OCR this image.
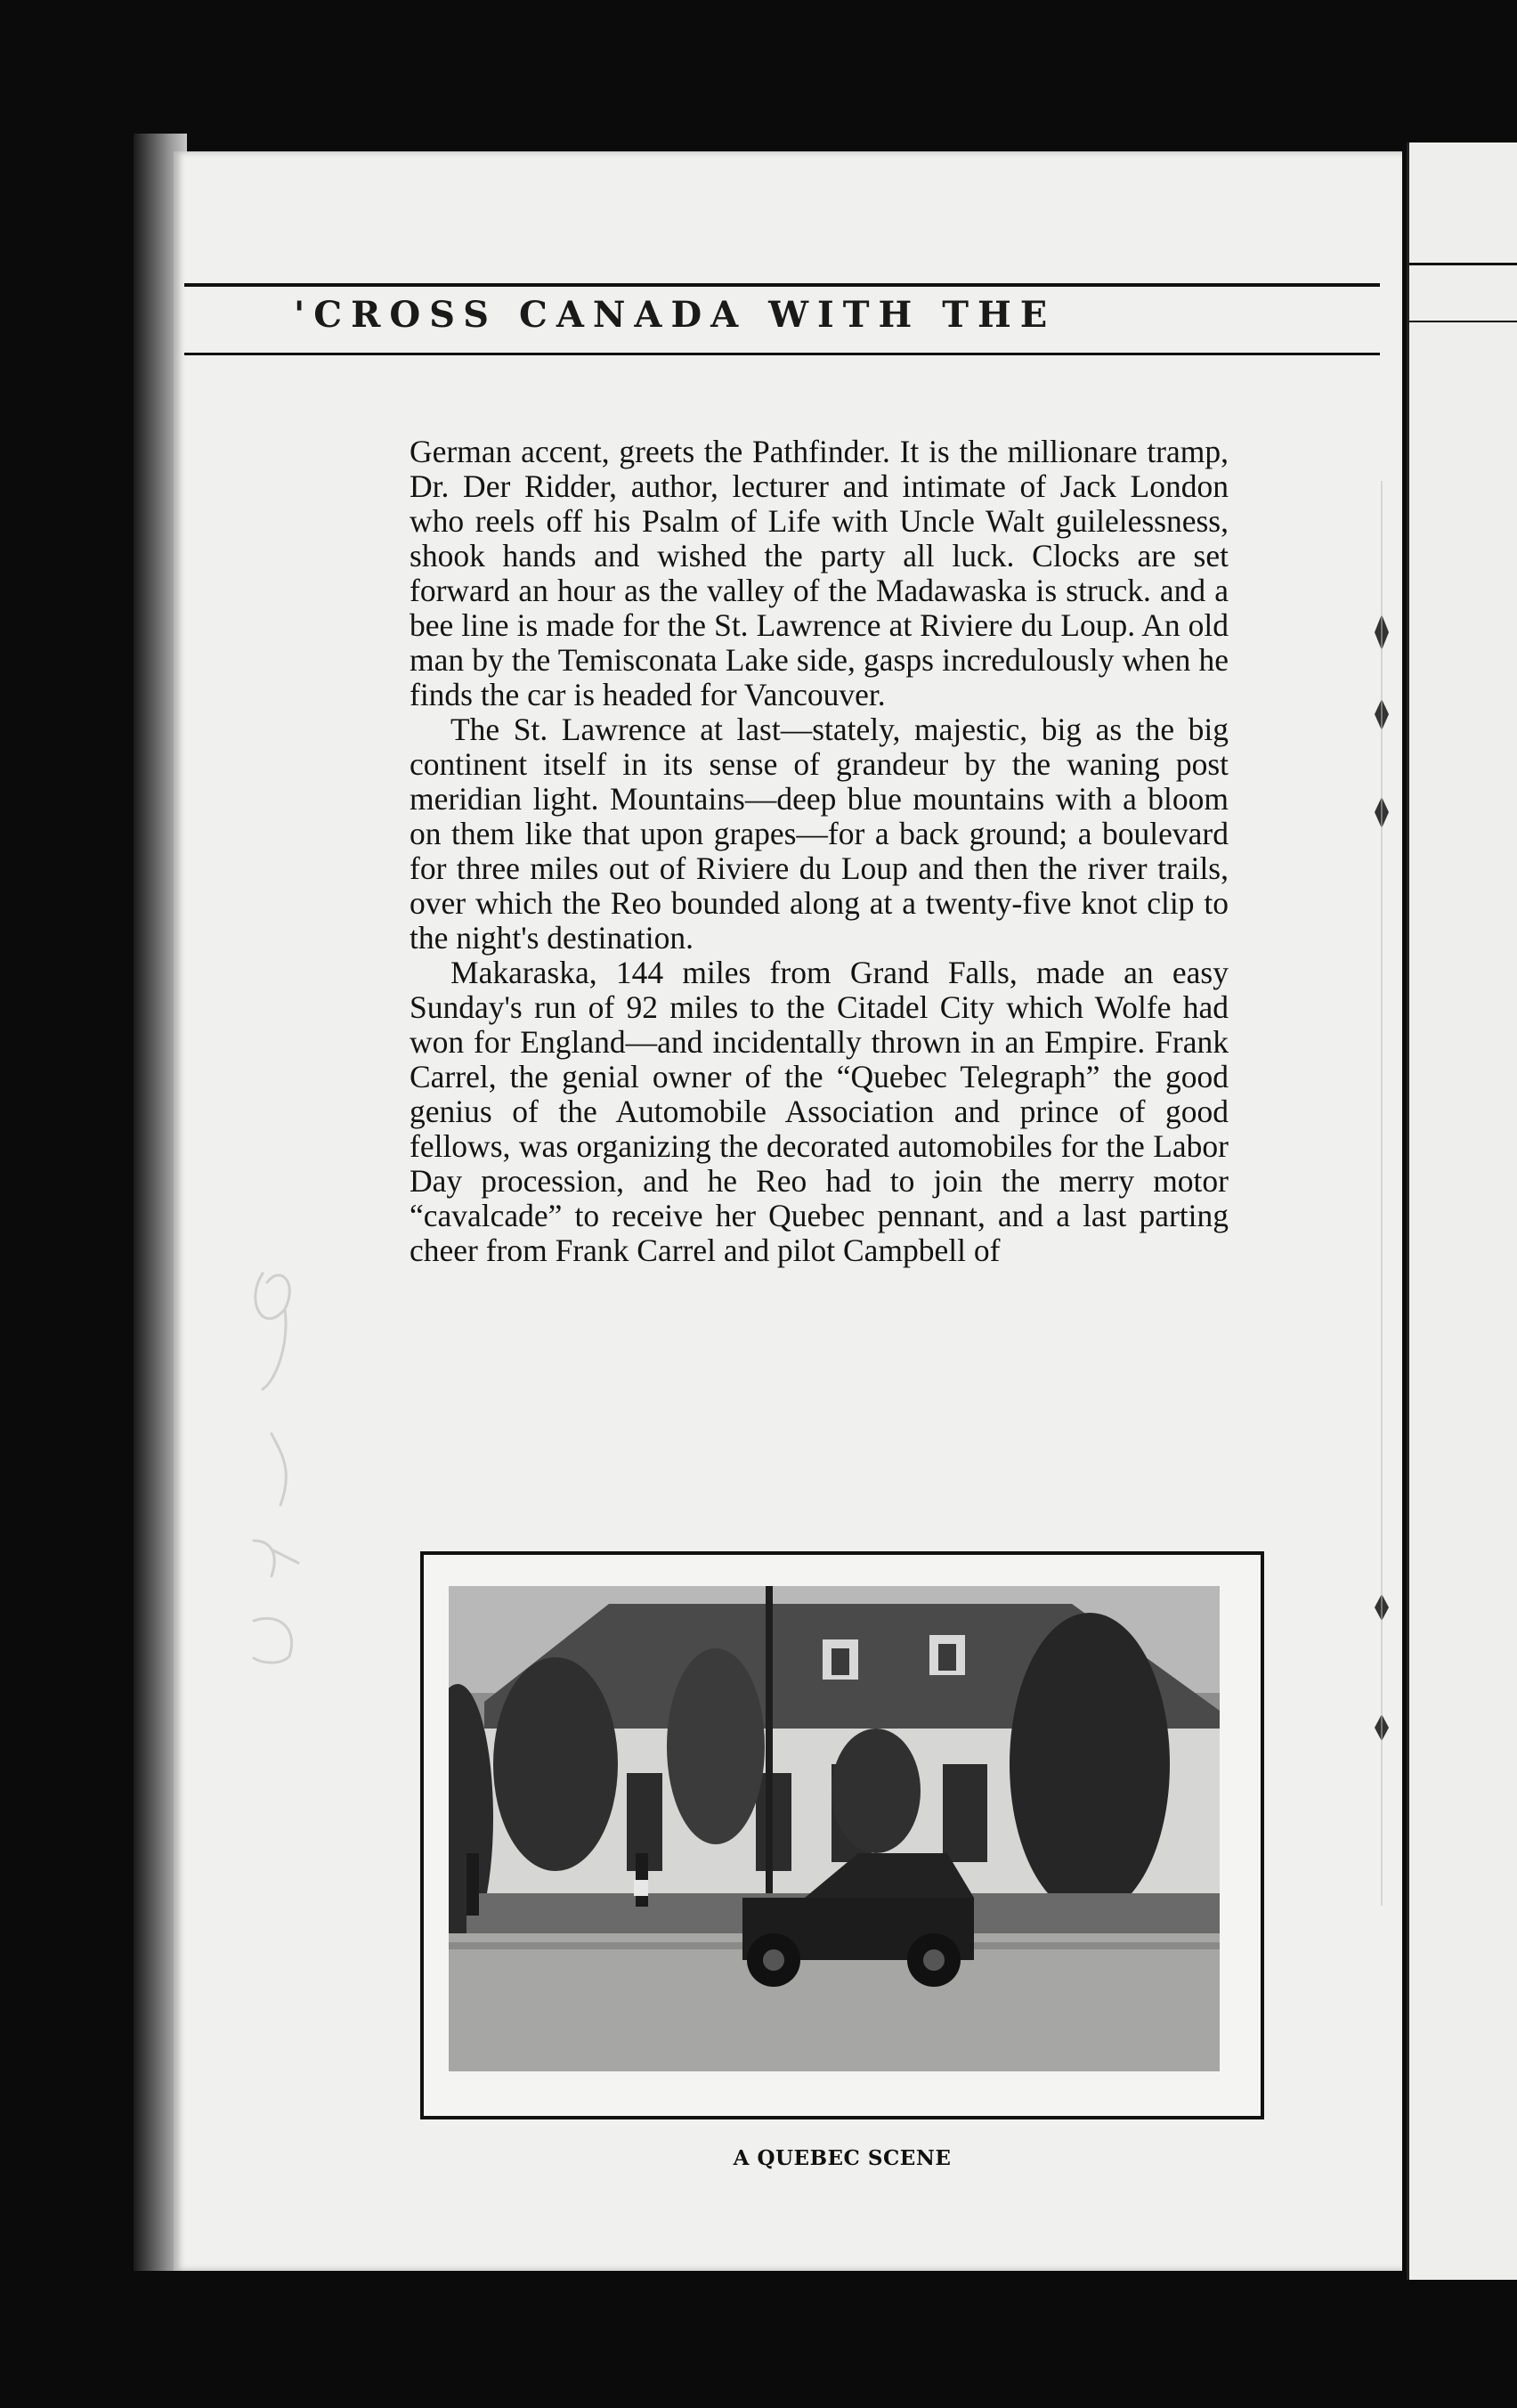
'CROSS CANADA WITH THE

German accent, greets the Pathfinder. It is the millionare tramp, Dr. Der Ridder, author, lecturer and intimate of Jack London who reels off his Psalm of Life with Uncle Walt guilelessness, shook hands and wished the party all luck. Clocks are set forward an hour as the valley of the Madawaska is struck. and a bee line is made for the St. Lawrence at Riviere du Loup. An old man by the Temisconata Lake side, gasps incredulously when he finds the car is headed for Vancouver.

The St. Lawrence at last—stately, majestic, big as the big continent itself in its sense of grandeur by the waning post meridian light. Mountains—deep blue mountains with a bloom on them like that upon grapes—for a back ground; a boulevard for three miles out of Riviere du Loup and then the river trails, over which the Reo bounded along at a twenty-five knot clip to the night's destination.

Makaraska, 144 miles from Grand Falls, made an easy Sunday's run of 92 miles to the Citadel City which Wolfe had won for England—and incidentally thrown in an Empire. Frank Carrel, the genial owner of the “Quebec Telegraph” the good genius of the Automobile Association and prince of good fellows, was organizing the decorated automobiles for the Labor Day procession, and he Reo had to join the merry motor “cavalcade” to receive her Quebec pennant, and a last parting cheer from Frank Carrel and pilot Campbell of

A QUEBEC SCENE
